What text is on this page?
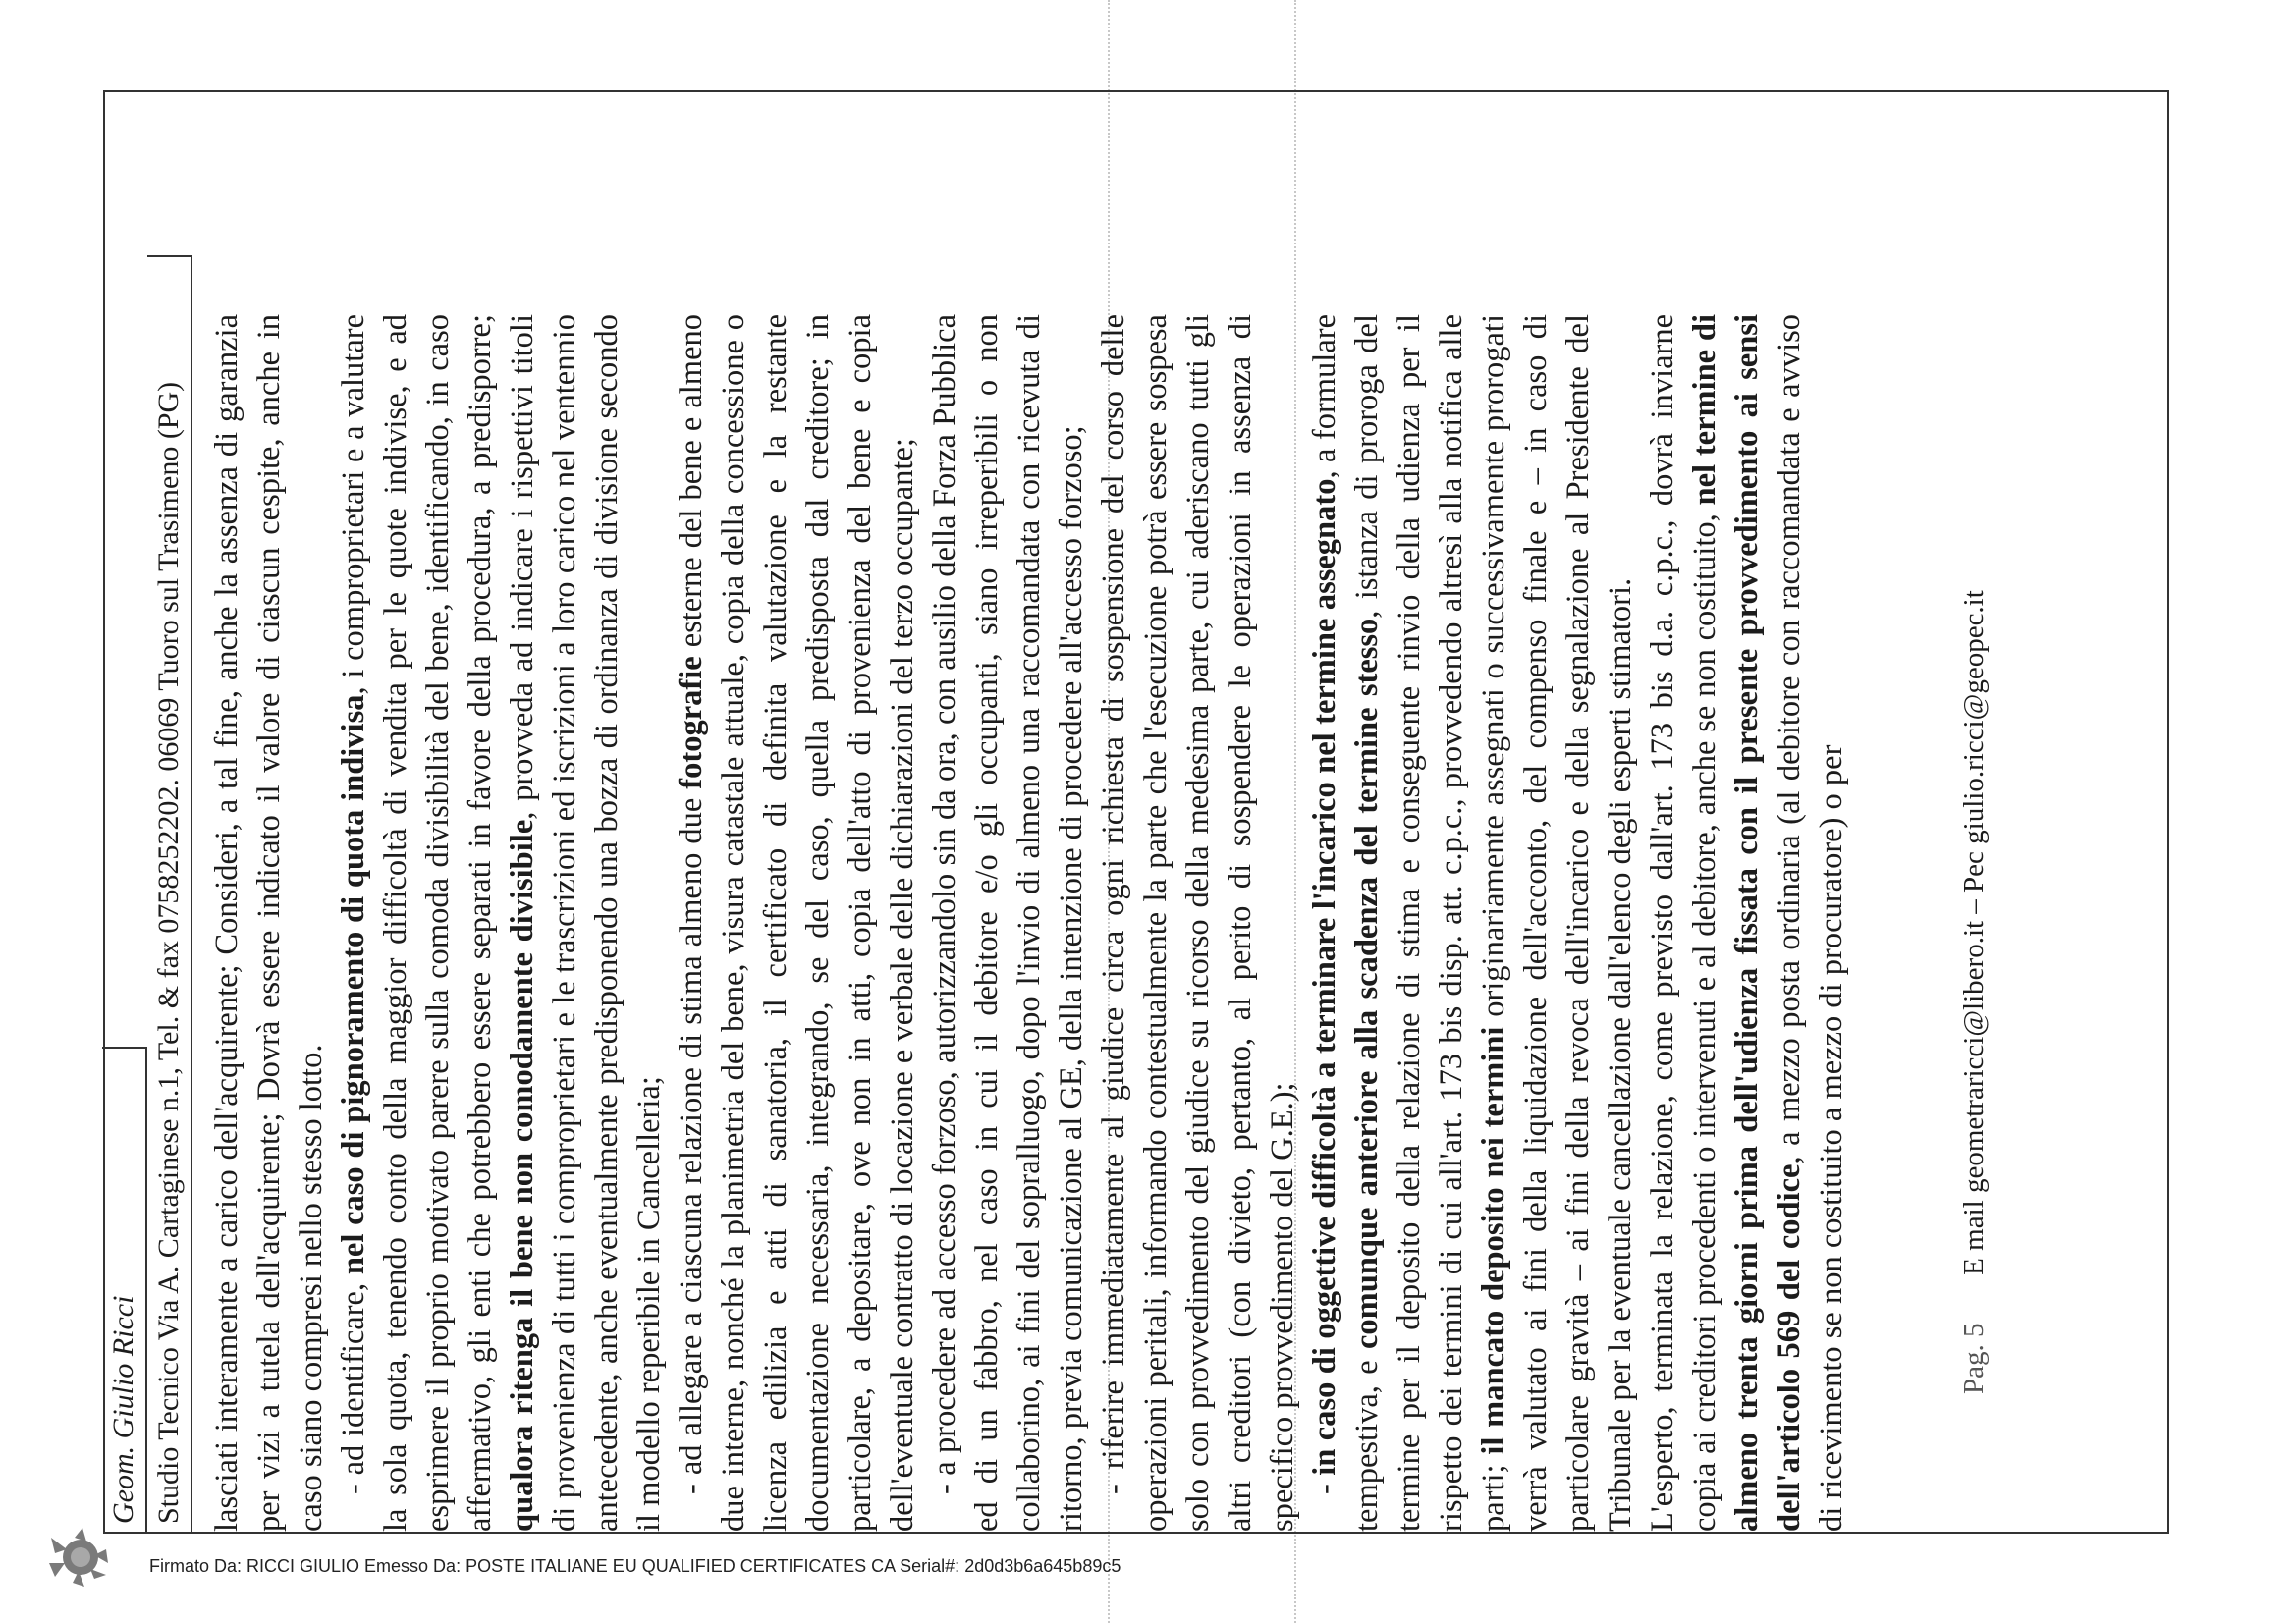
Geom. Giulio Ricci Studio Tecnico Via A. Cartaginese n.1, Tel. & fax 0758252202. 06069 Tuoro sul Trasimeno (PG) lasciati interamente a carico dell'acquirente; Consideri, a tal fine, anche la assenza di garanzia per vizi a tutela dell'acquirente; Dovrà essere indicato il valore di ciascun cespite, anche in caso siano compresi nello stesso lotto. - ad identificare, nel caso di pignoramento di quota indivisa, i comproprietari e a valutare la sola quota, tenendo conto della maggior difficoltà di vendita per le quote indivise, e ad esprimere il proprio motivato parere sulla comoda divisibilità del bene, identificando, in caso affermativo, gli enti che potrebbero essere separati in favore della procedura, a predisporre; qualora ritenga il bene non comodamente divisibile, provveda ad indicare i rispettivi titoli di provenienza di tutti i comproprietari e le trascrizioni ed iscrizioni a loro carico nel ventennio antecedente, anche eventualmente predisponendo una bozza di ordinanza di divisione secondo il modello reperibile in Cancelleria; - ad allegare a ciascuna relazione di stima almeno due fotografie esterne del bene e almeno due interne, nonché la planimetria del bene, visura catastale attuale, copia della concessione o licenza edilizia e atti di sanatoria, il certificato di definita valutazione e la restante documentazione necessaria, integrando, se del caso, quella predisposta dal creditore; in particolare, a depositare, ove non in atti, copia dell'atto di provenienza del bene e copia dell'eventuale contratto di locazione e verbale delle dichiarazioni del terzo occupante; - a procedere ad accesso forzoso, autorizzandolo sin da ora, con ausilio della Forza Pubblica ed di un fabbro, nel caso in cui il debitore e/o gli occupanti, siano irreperibili o non collaborino, ai fini del sopralluogo, dopo l'invio di almeno una raccomandata con ricevuta di ritorno, previa comunicazione al GE, della intenzione di procedere all'accesso forzoso; - riferire immediatamente al giudice circa ogni richiesta di sospensione del corso delle operazioni peritali, informando contestualmente la parte che l'esecuzione potrà essere sospesa solo con provvedimento del giudice su ricorso della medesima parte, cui aderiscano tutti gli altri creditori (con divieto, pertanto, al perito di sospendere le operazioni in assenza di specifico provvedimento del G.E.); - in caso di oggettive difficoltà a terminare l'incarico nel termine assegnato, a formulare tempestiva, e comunque anteriore alla scadenza del termine stesso, istanza di proroga del termine per il deposito della relazione di stima e conseguente rinvio della udienza per il rispetto dei termini di cui all'art. 173 bis disp. att. c.p.c., provvedendo altresì alla notifica alle parti; il mancato deposito nei termini originariamente assegnati o successivamente prorogati verrà valutato ai fini della liquidazione dell'acconto, del compenso finale e – in caso di particolare gravità – ai fini della revoca dell'incarico e della segnalazione al Presidente del Tribunale per la eventuale cancellazione dall'elenco degli esperti stimatori. L'esperto, terminata la relazione, come previsto dall'art. 173 bis d.a. c.p.c., dovrà inviarne copia ai creditori procedenti o intervenuti e al debitore, anche se non costituito, nel termine di almeno trenta giorni prima dell'udienza fissata con il presente provvedimento ai sensi dell'articolo 569 del codice, a mezzo posta ordinaria (al debitore con raccomandata e avviso di ricevimento se non costituito a mezzo di procuratore) o per	Pag. 5
E mail geometraricci@libero.it – Pec giulio.ricci@geopec.it
Firmato Da: RICCI GIULIO Emesso Da: POSTE ITALIANE EU QUALIFIED CERTIFICATES CA Serial#: 2d0d3b6a645b89c5
